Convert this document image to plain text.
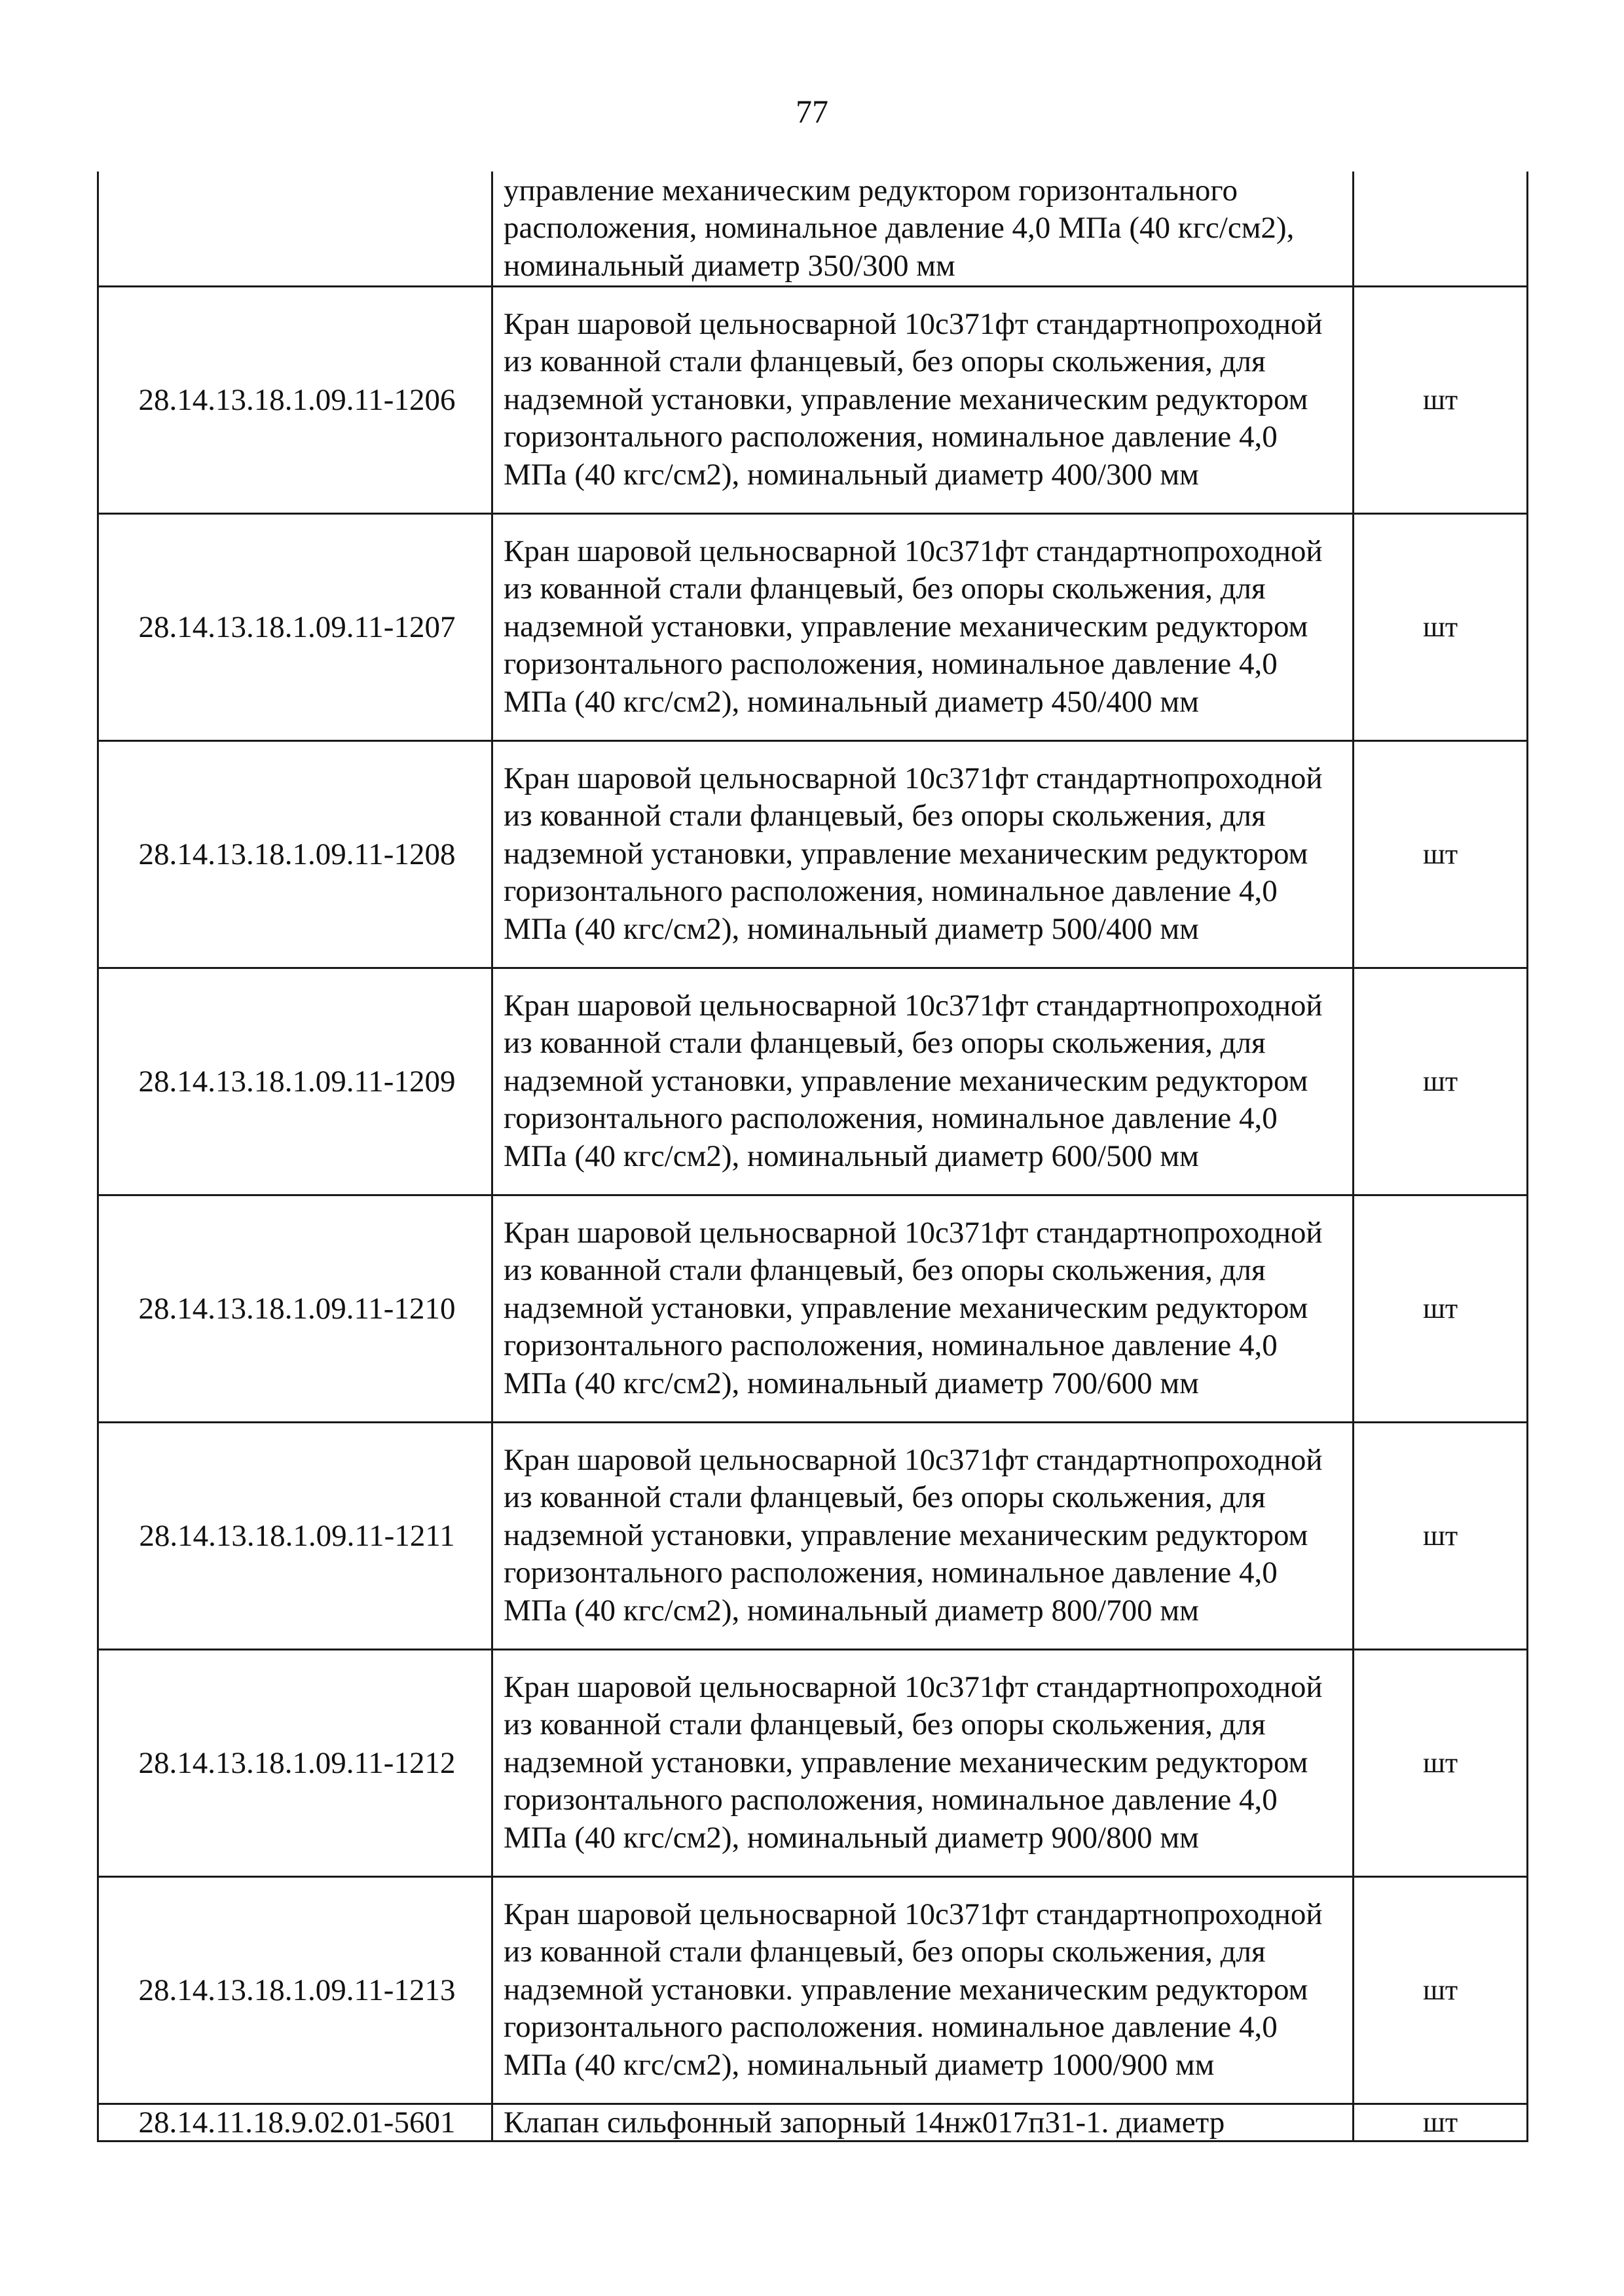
77
	управление механическим редуктором горизонтального расположения, номинальное давление 4,0 МПа (40 кгс/см2), номинальный диаметр 350/300 мм	
28.14.13.18.1.09.11-1206	Кран шаровой цельносварной 10с371фт стандартнопроходной из кованной стали фланцевый, без опоры скольжения, для надземной установки, управление механическим редуктором горизонтального расположения, номинальное давление 4,0 МПа (40 кгс/см2), номинальный диаметр 400/300 мм	шт
28.14.13.18.1.09.11-1207	Кран шаровой цельносварной 10с371фт стандартнопроходной из кованной стали фланцевый, без опоры скольжения, для надземной установки, управление механическим редуктором горизонтального расположения, номинальное давление 4,0 МПа (40 кгс/см2), номинальный диаметр 450/400 мм	шт
28.14.13.18.1.09.11-1208	Кран шаровой цельносварной 10с371фт стандартнопроходной из кованной стали фланцевый, без опоры скольжения, для надземной установки, управление механическим редуктором горизонтального расположения, номинальное давление 4,0 МПа (40 кгс/см2), номинальный диаметр 500/400 мм	шт
28.14.13.18.1.09.11-1209	Кран шаровой цельносварной 10с371фт стандартнопроходной из кованной стали фланцевый, без опоры скольжения, для надземной установки, управление механическим редуктором горизонтального расположения, номинальное давление 4,0 МПа (40 кгс/см2), номинальный диаметр 600/500 мм	шт
28.14.13.18.1.09.11-1210	Кран шаровой цельносварной 10с371фт стандартнопроходной из кованной стали фланцевый, без опоры скольжения, для надземной установки, управление механическим редуктором горизонтального расположения, номинальное давление 4,0 МПа (40 кгс/см2), номинальный диаметр 700/600 мм	шт
28.14.13.18.1.09.11-1211	Кран шаровой цельносварной 10с371фт стандартнопроходной из кованной стали фланцевый, без опоры скольжения, для надземной установки, управление механическим редуктором горизонтального расположения, номинальное давление 4,0 МПа (40 кгс/см2), номинальный диаметр 800/700 мм	шт
28.14.13.18.1.09.11-1212	Кран шаровой цельносварной 10с371фт стандартнопроходной из кованной стали фланцевый, без опоры скольжения, для надземной установки, управление механическим редуктором горизонтального расположения, номинальное давление 4,0 МПа (40 кгс/см2), номинальный диаметр 900/800 мм	шт
28.14.13.18.1.09.11-1213	Кран шаровой цельносварной 10с371фт стандартнопроходной из кованной стали фланцевый, без опоры скольжения, для надземной установки. управление механическим редуктором горизонтального расположения. номинальное давление 4,0 МПа (40 кгс/см2), номинальный диаметр 1000/900 мм	шт
28.14.11.18.9.02.01-5601	Клапан сильфонный запорный 14нж017п31-1. диаметр	шт
